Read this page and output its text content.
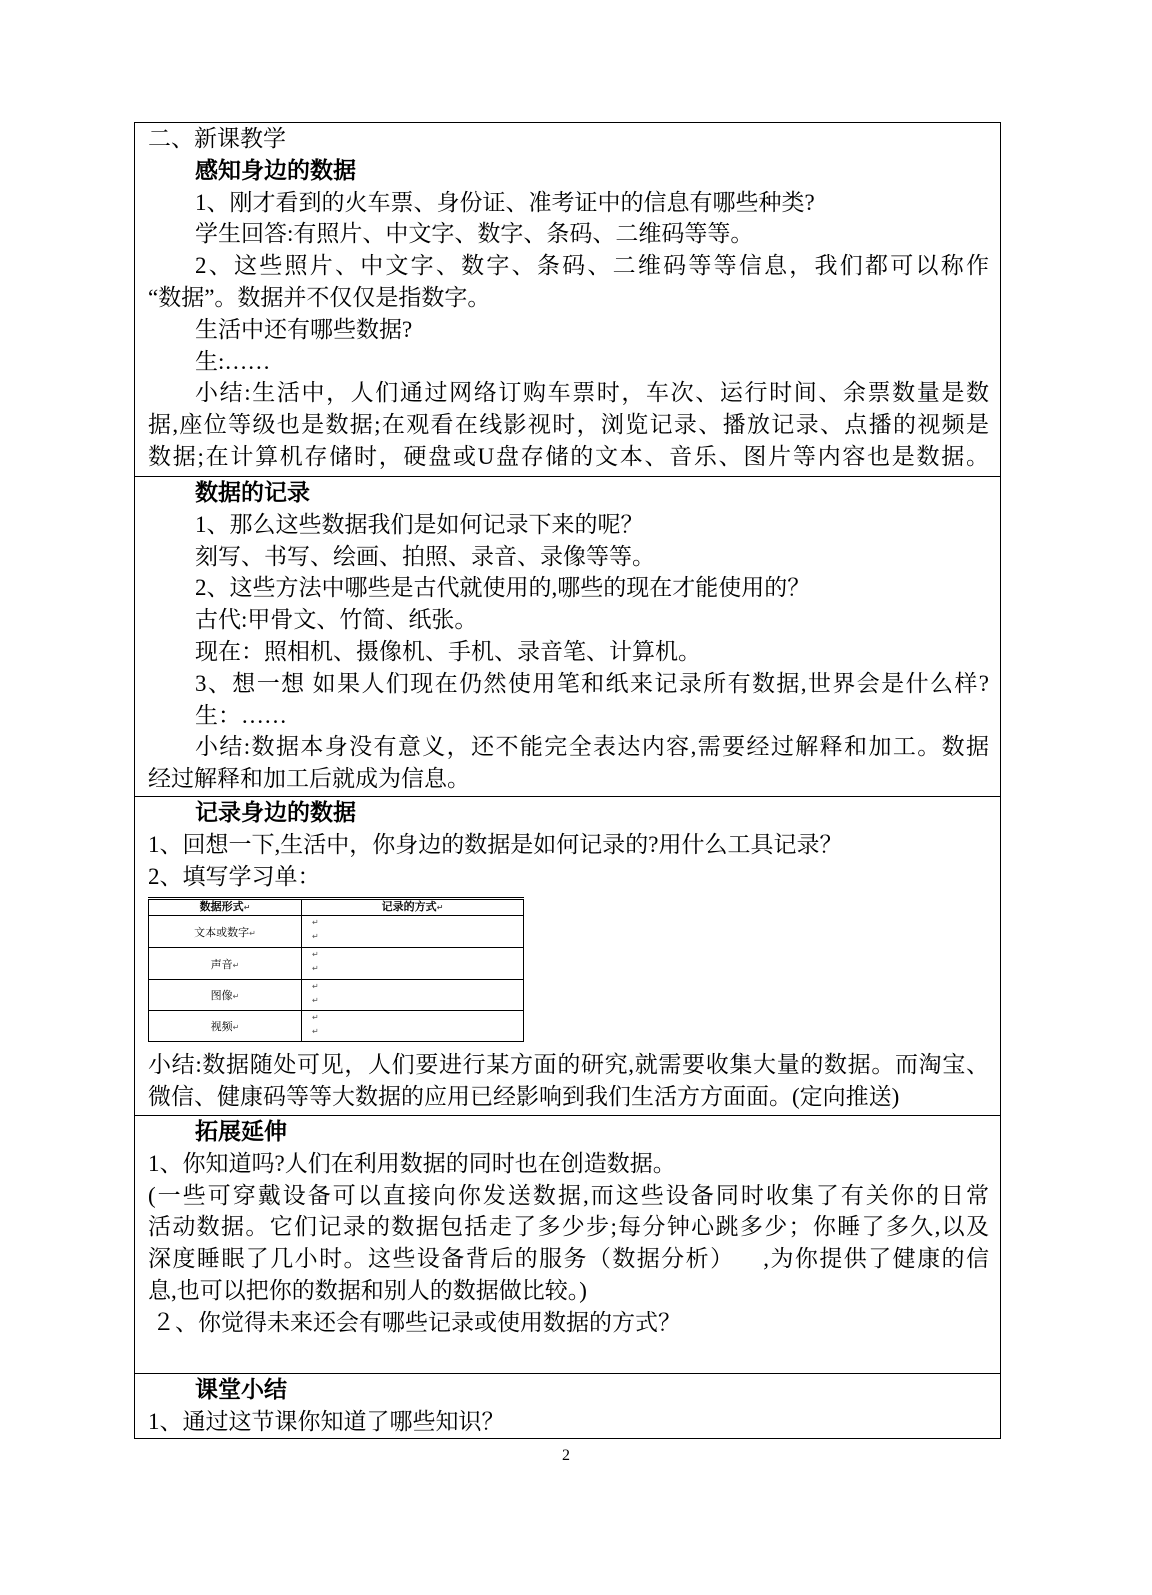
二、新课教学
感知身边的数据
1、刚才看到的火车票、身份证、准考证中的信息有哪些种类?
学生回答:有照片、中文字、数字、条码、二维码等等。
2、这些照片、中文字、数字、条码、二维码等等信息，我们都可以称作
“数据”。数据并不仅仅是指数字。
生活中还有哪些数据?
生:……
小结:生活中，人们通过网络订购车票时，车次、运行时间、余票数量是数
据,座位等级也是数据;在观看在线影视时，浏览记录、播放记录、点播的视频是
数据;在计算机存储时，硬盘或U盘存储的文本、音乐、图片等内容也是数据。
数据的记录
1、那么这些数据我们是如何记录下来的呢？
刻写、书写、绘画、拍照、录音、录像等等。
2、这些方法中哪些是古代就使用的,哪些的现在才能使用的？
古代:甲骨文、竹简、纸张。
现在：照相机、摄像机、手机、录音笔、计算机。
3、想一想 如果人们现在仍然使用笔和纸来记录所有数据,世界会是什么样?
生：……
小结:数据本身没有意义，还不能完全表达内容,需要经过解释和加工。数据
经过解释和加工后就成为信息。
记录身边的数据
1、回想一下,生活中，你身边的数据是如何记录的?用什么工具记录？
2、填写学习单：
数据形式↵	记录的方式↵
文本或数字↵	↵
↵

声音↵	↵
↵

图像↵	↵
↵

视频↵	↵
↵
小结:数据随处可见，人们要进行某方面的研究,就需要收集大量的数据。而淘宝、
微信、健康码等等大数据的应用已经影响到我们生活方方面面。(定向推送)
拓展延伸
1、你知道吗?人们在利用数据的同时也在创造数据。
(一些可穿戴设备可以直接向你发送数据,而这些设备同时收集了有关你的日常
活动数据。它们记录的数据包括走了多少步;每分钟心跳多少；你睡了多久,以及
深度睡眠了几小时。这些设备背后的服务（数据分析）    ,为你提供了健康的信
息,也可以把你的数据和别人的数据做比较。)
２、你觉得未来还会有哪些记录或使用数据的方式？
课堂小结
1、通过这节课你知道了哪些知识？
2
